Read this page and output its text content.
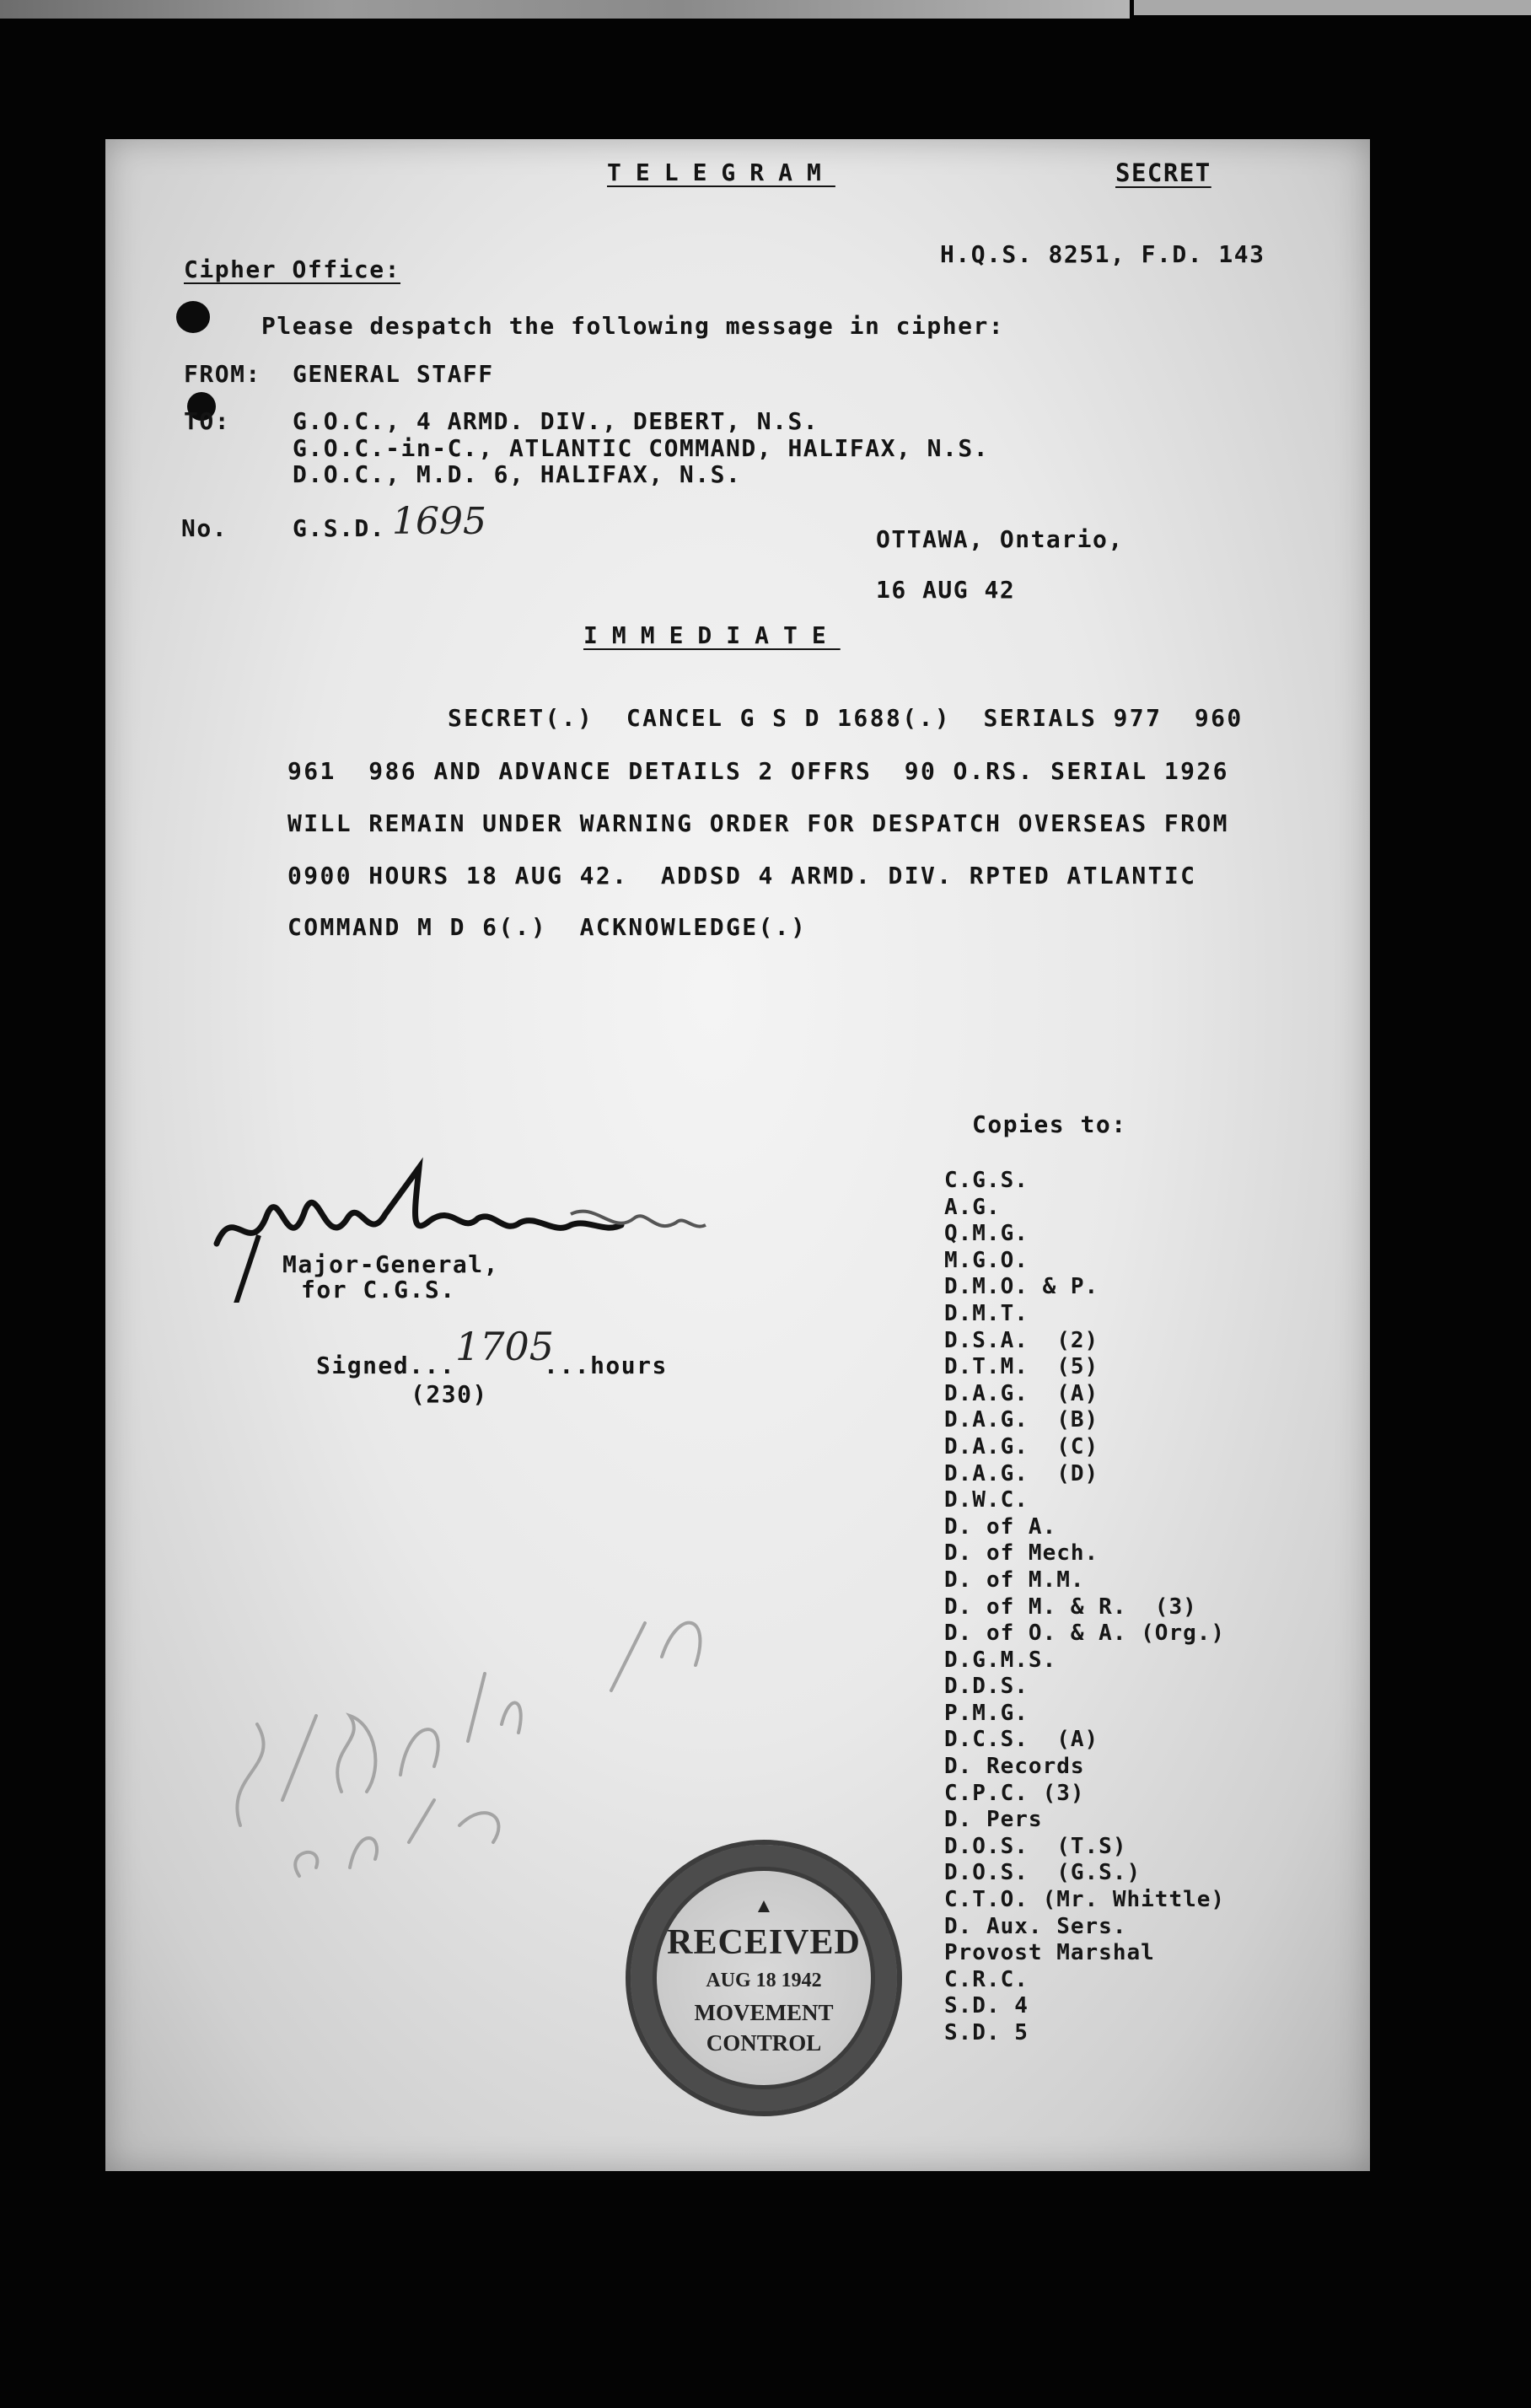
TELEGRAM	SECRET
Cipher Office:
H.Q.S. 8251, F.D. 143
Please despatch the following message in cipher:
FROM: GENERAL STAFF
TO:	G.O.C., 4 ARMD. DIV., DEBERT, N.S.
G.O.C.-in-C., ATLANTIC COMMAND, HALIFAX, N.S.
D.O.C., M.D. 6, HALIFAX, N.S.
No.	G.S.D. 1695	OTTAWA, Ontario,
16 AUG 42
IMMEDIATE
SECRET(.)  CANCEL G S D 1688(.)  SERIALS 977  960
961  986 AND ADVANCE DETAILS 2 OFFRS  90 O.RS. SERIAL 1926
WILL REMAIN UNDER WARNING ORDER FOR DESPATCH OVERSEAS FROM
0900 HOURS 18 AUG 42.  ADDSD 4 ARMD. DIV. RPTED ATLANTIC
COMMAND M D 6(.)  ACKNOWLEDGE(.)
Major-General,
for C.G.S.
Signed... 1705
...hours
(230)
▲
RECEIVED
AUG 18 1942
MOVEMENT
CONTROL
Copies to:
C.G.S.
A.G.
Q.M.G.
M.G.O.
D.M.O. & P.
D.M.T.
D.S.A.  (2)
D.T.M.  (5)
D.A.G.  (A)
D.A.G.  (B)
D.A.G.  (C)
D.A.G.  (D)
D.W.C.
D. of A.
D. of Mech.
D. of M.M.
D. of M. & R.  (3)
D. of O. & A. (Org.)
D.G.M.S.
D.D.S.
P.M.G.
D.C.S.  (A)
D. Records
C.P.C. (3)
D. Pers
D.O.S.  (T.S)
D.O.S.  (G.S.)
C.T.O. (Mr. Whittle)
D. Aux. Sers.
Provost Marshal
C.R.C.
S.D. 4
S.D. 5
